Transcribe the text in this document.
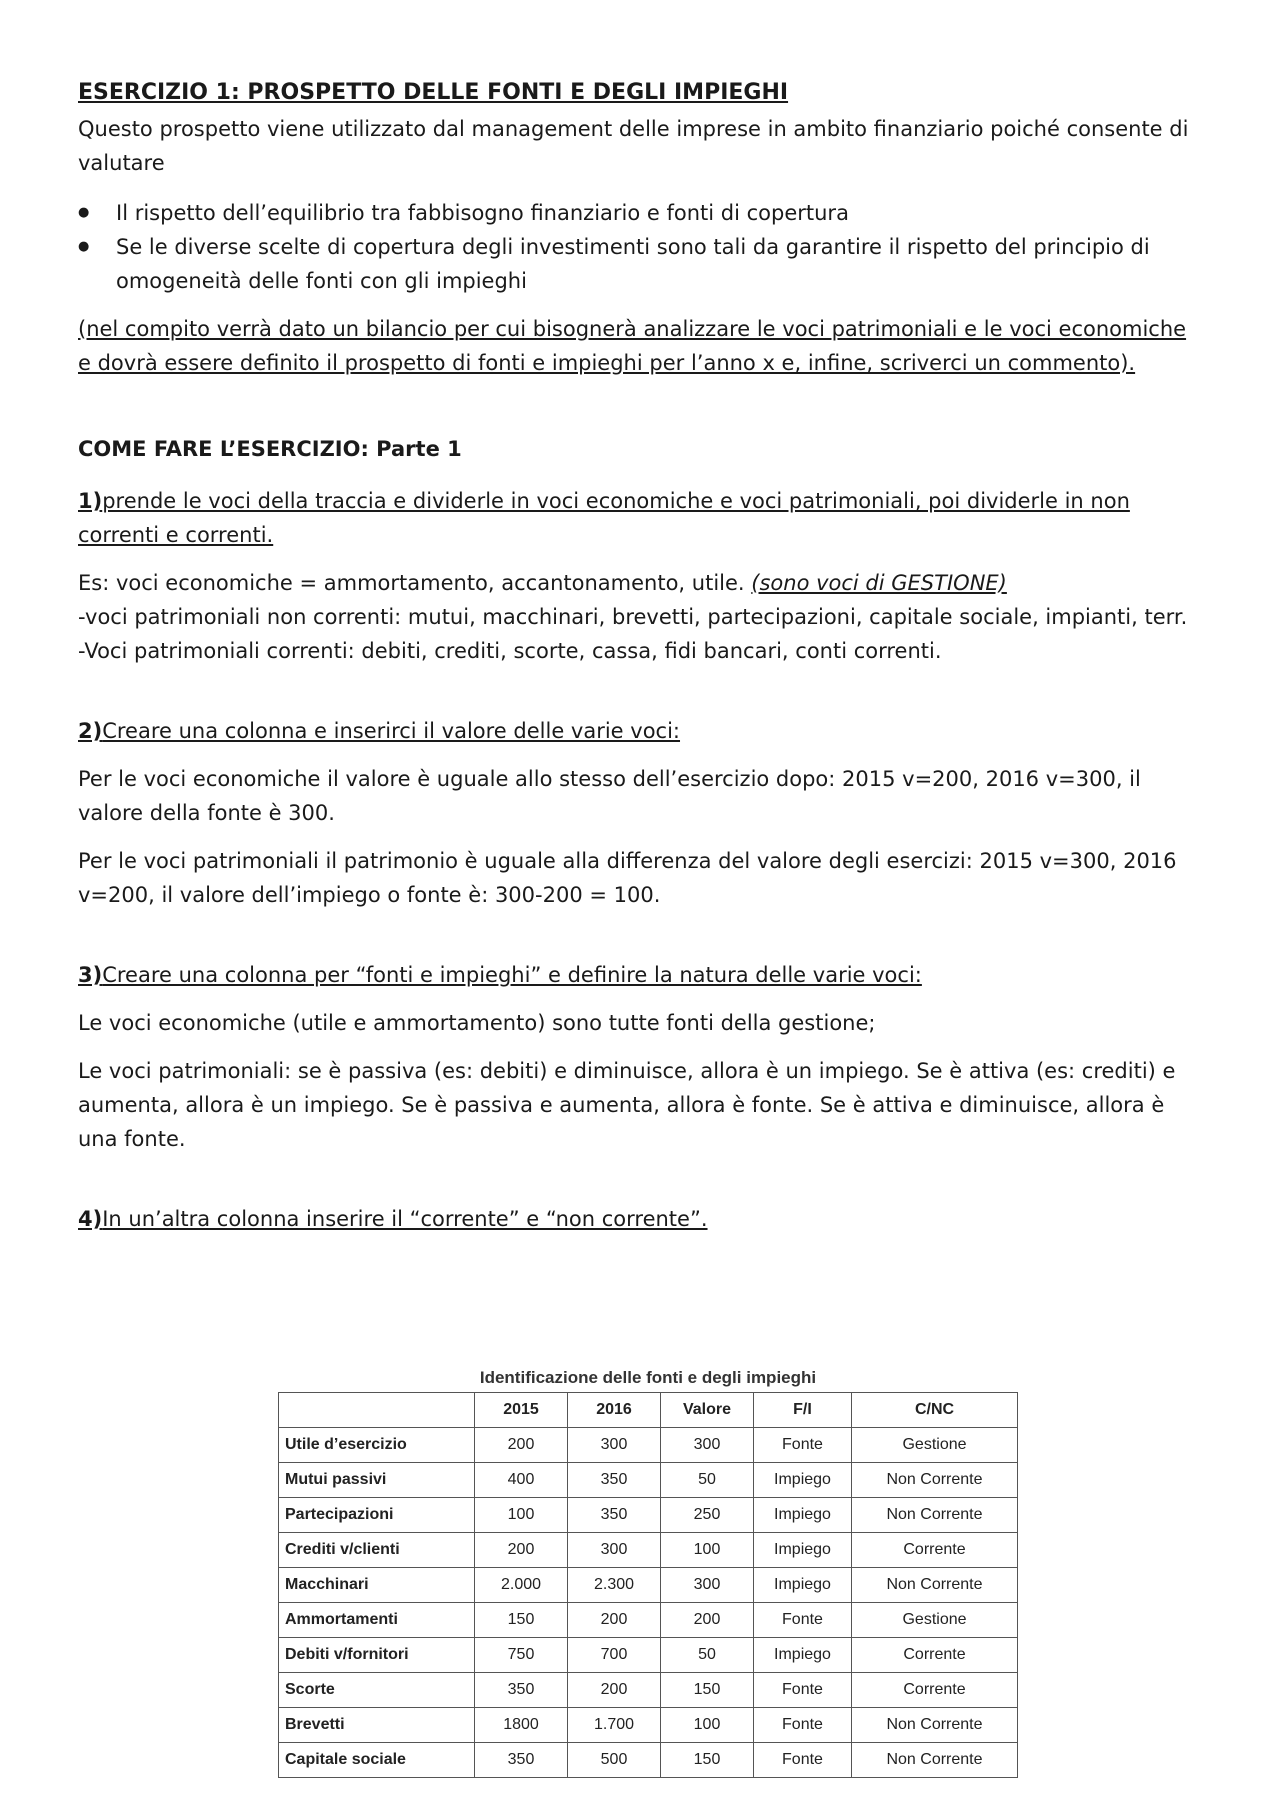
ESERCIZIO 1: PROSPETTO DELLE FONTI E DEGLI IMPIEGHI

Questo prospetto viene utilizzato dal management delle imprese in ambito finanziario poiché consente di valutare

● Il rispetto dell’equilibrio tra fabbisogno finanziario e fonti di copertura
● Se le diverse scelte di copertura degli investimenti sono tali da garantire il rispetto del principio di omogeneità delle fonti con gli impieghi

(nel compito verrà dato un bilancio per cui bisognerà analizzare le voci patrimoniali e le voci economiche e dovrà essere definito il prospetto di fonti e impieghi per l’anno x e, infine, scriverci un commento).

COME FARE L’ESERCIZIO: Parte 1

1)prende le voci della traccia e dividerle in voci economiche e voci patrimoniali, poi dividerle in non correnti e correnti.

Es: voci economiche = ammortamento, accantonamento, utile. (sono voci di GESTIONE)

-voci patrimoniali non correnti: mutui, macchinari, brevetti, partecipazioni, capitale sociale, impianti, terr.

-Voci patrimoniali correnti: debiti, crediti, scorte, cassa, fidi bancari, conti correnti.

2)Creare una colonna e inserirci il valore delle varie voci:

Per le voci economiche il valore è uguale allo stesso dell’esercizio dopo: 2015 v=200, 2016 v=300, il valore della fonte è 300.

Per le voci patrimoniali il patrimonio è uguale alla differenza del valore degli esercizi: 2015 v=300, 2016 v=200, il valore dell’impiego o fonte è: 300-200 = 100.

3)Creare una colonna per “fonti e impieghi” e definire la natura delle varie voci:

Le voci economiche (utile e ammortamento) sono tutte fonti della gestione;

Le voci patrimoniali: se è passiva (es: debiti) e diminuisce, allora è un impiego. Se è attiva (es: crediti) e aumenta, allora è un impiego. Se è passiva e aumenta, allora è fonte. Se è attiva e diminuisce, allora è una fonte.

4)In un’altra colonna inserire il “corrente” e “non corrente”.

Identificazione delle fonti e degli impieghi
	2015	2016	Valore	F/I	C/NC
Utile d’esercizio	200	300	300	Fonte	Gestione
Mutui passivi	400	350	50	Impiego	Non Corrente
Partecipazioni	100	350	250	Impiego	Non Corrente
Crediti v/clienti	200	300	100	Impiego	Corrente
Macchinari	2.000	2.300	300	Impiego	Non Corrente
Ammortamenti	150	200	200	Fonte	Gestione
Debiti v/fornitori	750	700	50	Impiego	Corrente
Scorte	350	200	150	Fonte	Corrente
Brevetti	1800	1.700	100	Fonte	Non Corrente
Capitale sociale	350	500	150	Fonte	Non Corrente
